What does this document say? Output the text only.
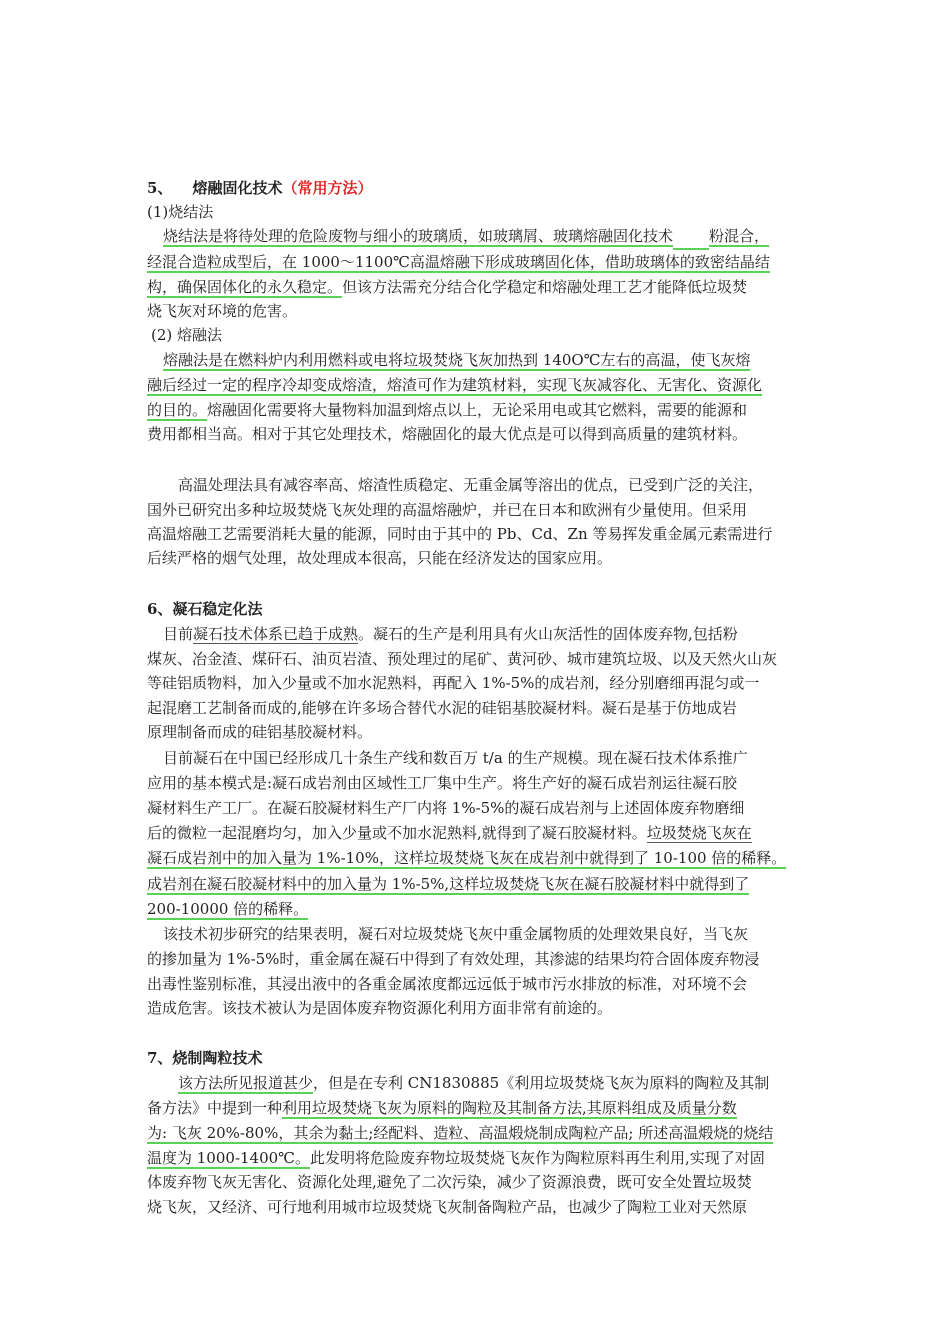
5、 熔融固化技术（常用方法）
(1)烧结法
烧结法是将待处理的危险废物与细小的玻璃质，如玻璃屑、玻璃熔融固化技术 粉混合，
经混合造粒成型后，在 1000～1100℃高温熔融下形成玻璃固化体，借助玻璃体的致密结晶结
构，确保固体化的永久稳定。但该方法需充分结合化学稳定和熔融处理工艺才能降低垃圾焚
烧飞灰对环境的危害。
(2) 熔融法
熔融法是在燃料炉内利用燃料或电将垃圾焚烧飞灰加热到 140O℃左右的高温，使飞灰熔
融后经过一定的程序冷却变成熔渣，熔渣可作为建筑材料，实现飞灰减容化、无害化、资源化
的目的。熔融固化需要将大量物料加温到熔点以上，无论采用电或其它燃料，需要的能源和
费用都相当高。相对于其它处理技术，熔融固化的最大优点是可以得到高质量的建筑材料。
高温处理法具有减容率高、熔渣性质稳定、无重金属等溶出的优点，已受到广泛的关注，
国外已研究出多种垃圾焚烧飞灰处理的高温熔融炉，并已在日本和欧洲有少量使用。但采用
高温熔融工艺需要消耗大量的能源，同时由于其中的 Pb、Cd、Zn 等易挥发重金属元素需进行
后续严格的烟气处理，故处理成本很高，只能在经济发达的国家应用。
6、凝石稳定化法
目前凝石技术体系已趋于成熟。凝石的生产是利用具有火山灰活性的固体废弃物,包括粉
煤灰、冶金渣、煤矸石、油页岩渣、预处理过的尾矿、黄河砂、城市建筑垃圾、以及天然火山灰
等硅铝质物料，加入少量或不加水泥熟料，再配入 1%-5%的成岩剂，经分别磨细再混匀或一
起混磨工艺制备而成的,能够在许多场合替代水泥的硅铝基胶凝材料。凝石是基于仿地成岩
原理制备而成的硅铝基胶凝材料。
目前凝石在中国已经形成几十条生产线和数百万 t/a 的生产规模。现在凝石技术体系推广
应用的基本模式是:凝石成岩剂由区域性工厂集中生产。将生产好的凝石成岩剂运往凝石胶
凝材料生产工厂。在凝石胶凝材料生产厂内将 1%-5%的凝石成岩剂与上述固体废弃物磨细
后的微粒一起混磨均匀，加入少量或不加水泥熟料,就得到了凝石胶凝材料。垃圾焚烧飞灰在
凝石成岩剂中的加入量为 1%-10%，这样垃圾焚烧飞灰在成岩剂中就得到了 10-100 倍的稀释。
成岩剂在凝石胶凝材料中的加入量为 1%-5%,这样垃圾焚烧飞灰在凝石胶凝材料中就得到了
200-10000 倍的稀释。
该技术初步研究的结果表明，凝石对垃圾焚烧飞灰中重金属物质的处理效果良好，当飞灰
的掺加量为 1%-5%时，重金属在凝石中得到了有效处理，其渗滤的结果均符合固体废弃物浸
出毒性鉴别标准，其浸出液中的各重金属浓度都远远低于城市污水排放的标准，对环境不会
造成危害。该技术被认为是固体废弃物资源化利用方面非常有前途的。
7、烧制陶粒技术
该方法所见报道甚少，但是在专利 CN1830885《利用垃圾焚烧飞灰为原料的陶粒及其制
备方法》中提到一种利用垃圾焚烧飞灰为原料的陶粒及其制备方法,其原料组成及质量分数
为: 飞灰 20%-80%，其余为黏土;经配料、造粒、高温煅烧制成陶粒产品; 所述高温煅烧的烧结
温度为 1000-1400℃。此发明将危险废弃物垃圾焚烧飞灰作为陶粒原料再生利用,实现了对固
体废弃物飞灰无害化、资源化处理,避免了二次污染，减少了资源浪费，既可安全处置垃圾焚
烧飞灰，又经济、可行地利用城市垃圾焚烧飞灰制备陶粒产品，也减少了陶粒工业对天然原
